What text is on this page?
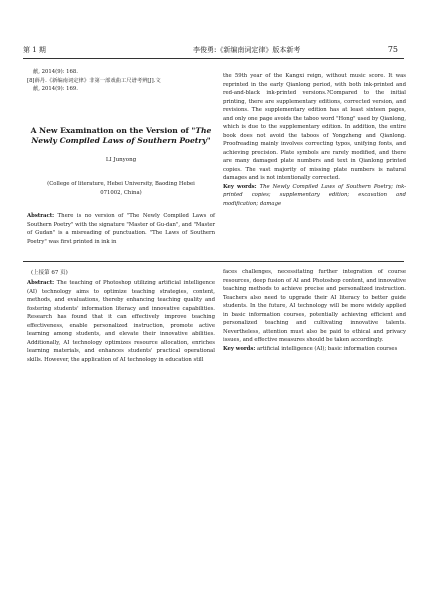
第 1 期	李俊勇:《新编南词定律》版本新考	75

献, 2014(9): 168.

[8]薛丹.《新编南词定律》非第一部戏曲工尺谱考辨[J].文

献, 2014(9): 169.

A New Examination on the Version of "The Newly Compiled Laws of Southern Poetry"
LI Junyong
(College of literature, Hebei University, Baoding Hebei
071002, China)
Abstract: There is no version of "The Newly Compiled Laws of Southern Poetry" with the signature "Master of Gu-dan", and "Master of Gudan" is a misreading of punctuation. "The Laws of Southern Poetry" was first printed in ink in
the 59th year of the Kangxi reign, without music score. It was reprinted in the early Qianlong period, with both ink-printed and red-and-black ink-printed versions.?Compared to the initial printing, there are supplementary editions, corrected version, and revisions. The supplementary edition has at least sixteen pages, and only one page avoids the taboo word "Hong" used by Qianlong, which is due to the supplementary edition. In addition, the entire book does not avoid the taboos of Yongzheng and Qianlong. Proofreading mainly involves correcting typos, unifying fonts, and achieving precision. Plate symbols are rarely modified, and there are many damaged plate numbers and text in Qianlong printed copies. The vast majority of missing plate numbers is natural damages and is not intentionally corrected.
Key words: The Newly Compiled Laws of Southern Poetry; ink-printed copies; supplementary edition; excavation and modification; damage
(上接第 67 页)
Abstract: The teaching of Photoshop utilizing artificial intelligence (AI) technology aims to optimize teaching strategies, content, methods, and evaluations, thereby enhancing teaching quality and fostering students' information literacy and innovative capabilities. Research has found that it can effectively improve teaching effectiveness, enable personalized instruction, promote active learning among students, and elevate their innovative abilities. Additionally, AI technology optimizes resource allocation, enriches learning materials, and enhances students' practical operational skills. However, the application of AI technology in education still
faces challenges, necessitating further integration of course resources, deep fusion of AI and Photoshop content, and innovative teaching methods to achieve precise and personalized instruction. Teachers also need to upgrade their AI literacy to better guide students. In the future, AI technology will be more widely applied in basic information courses, potentially achieving efficient and personalized teaching and cultivating innovative talents. Nevertheless, attention must also be paid to ethical and privacy issues, and effective measures should be taken accordingly.
Key words: artificial intelligence (AI); basic information courses
